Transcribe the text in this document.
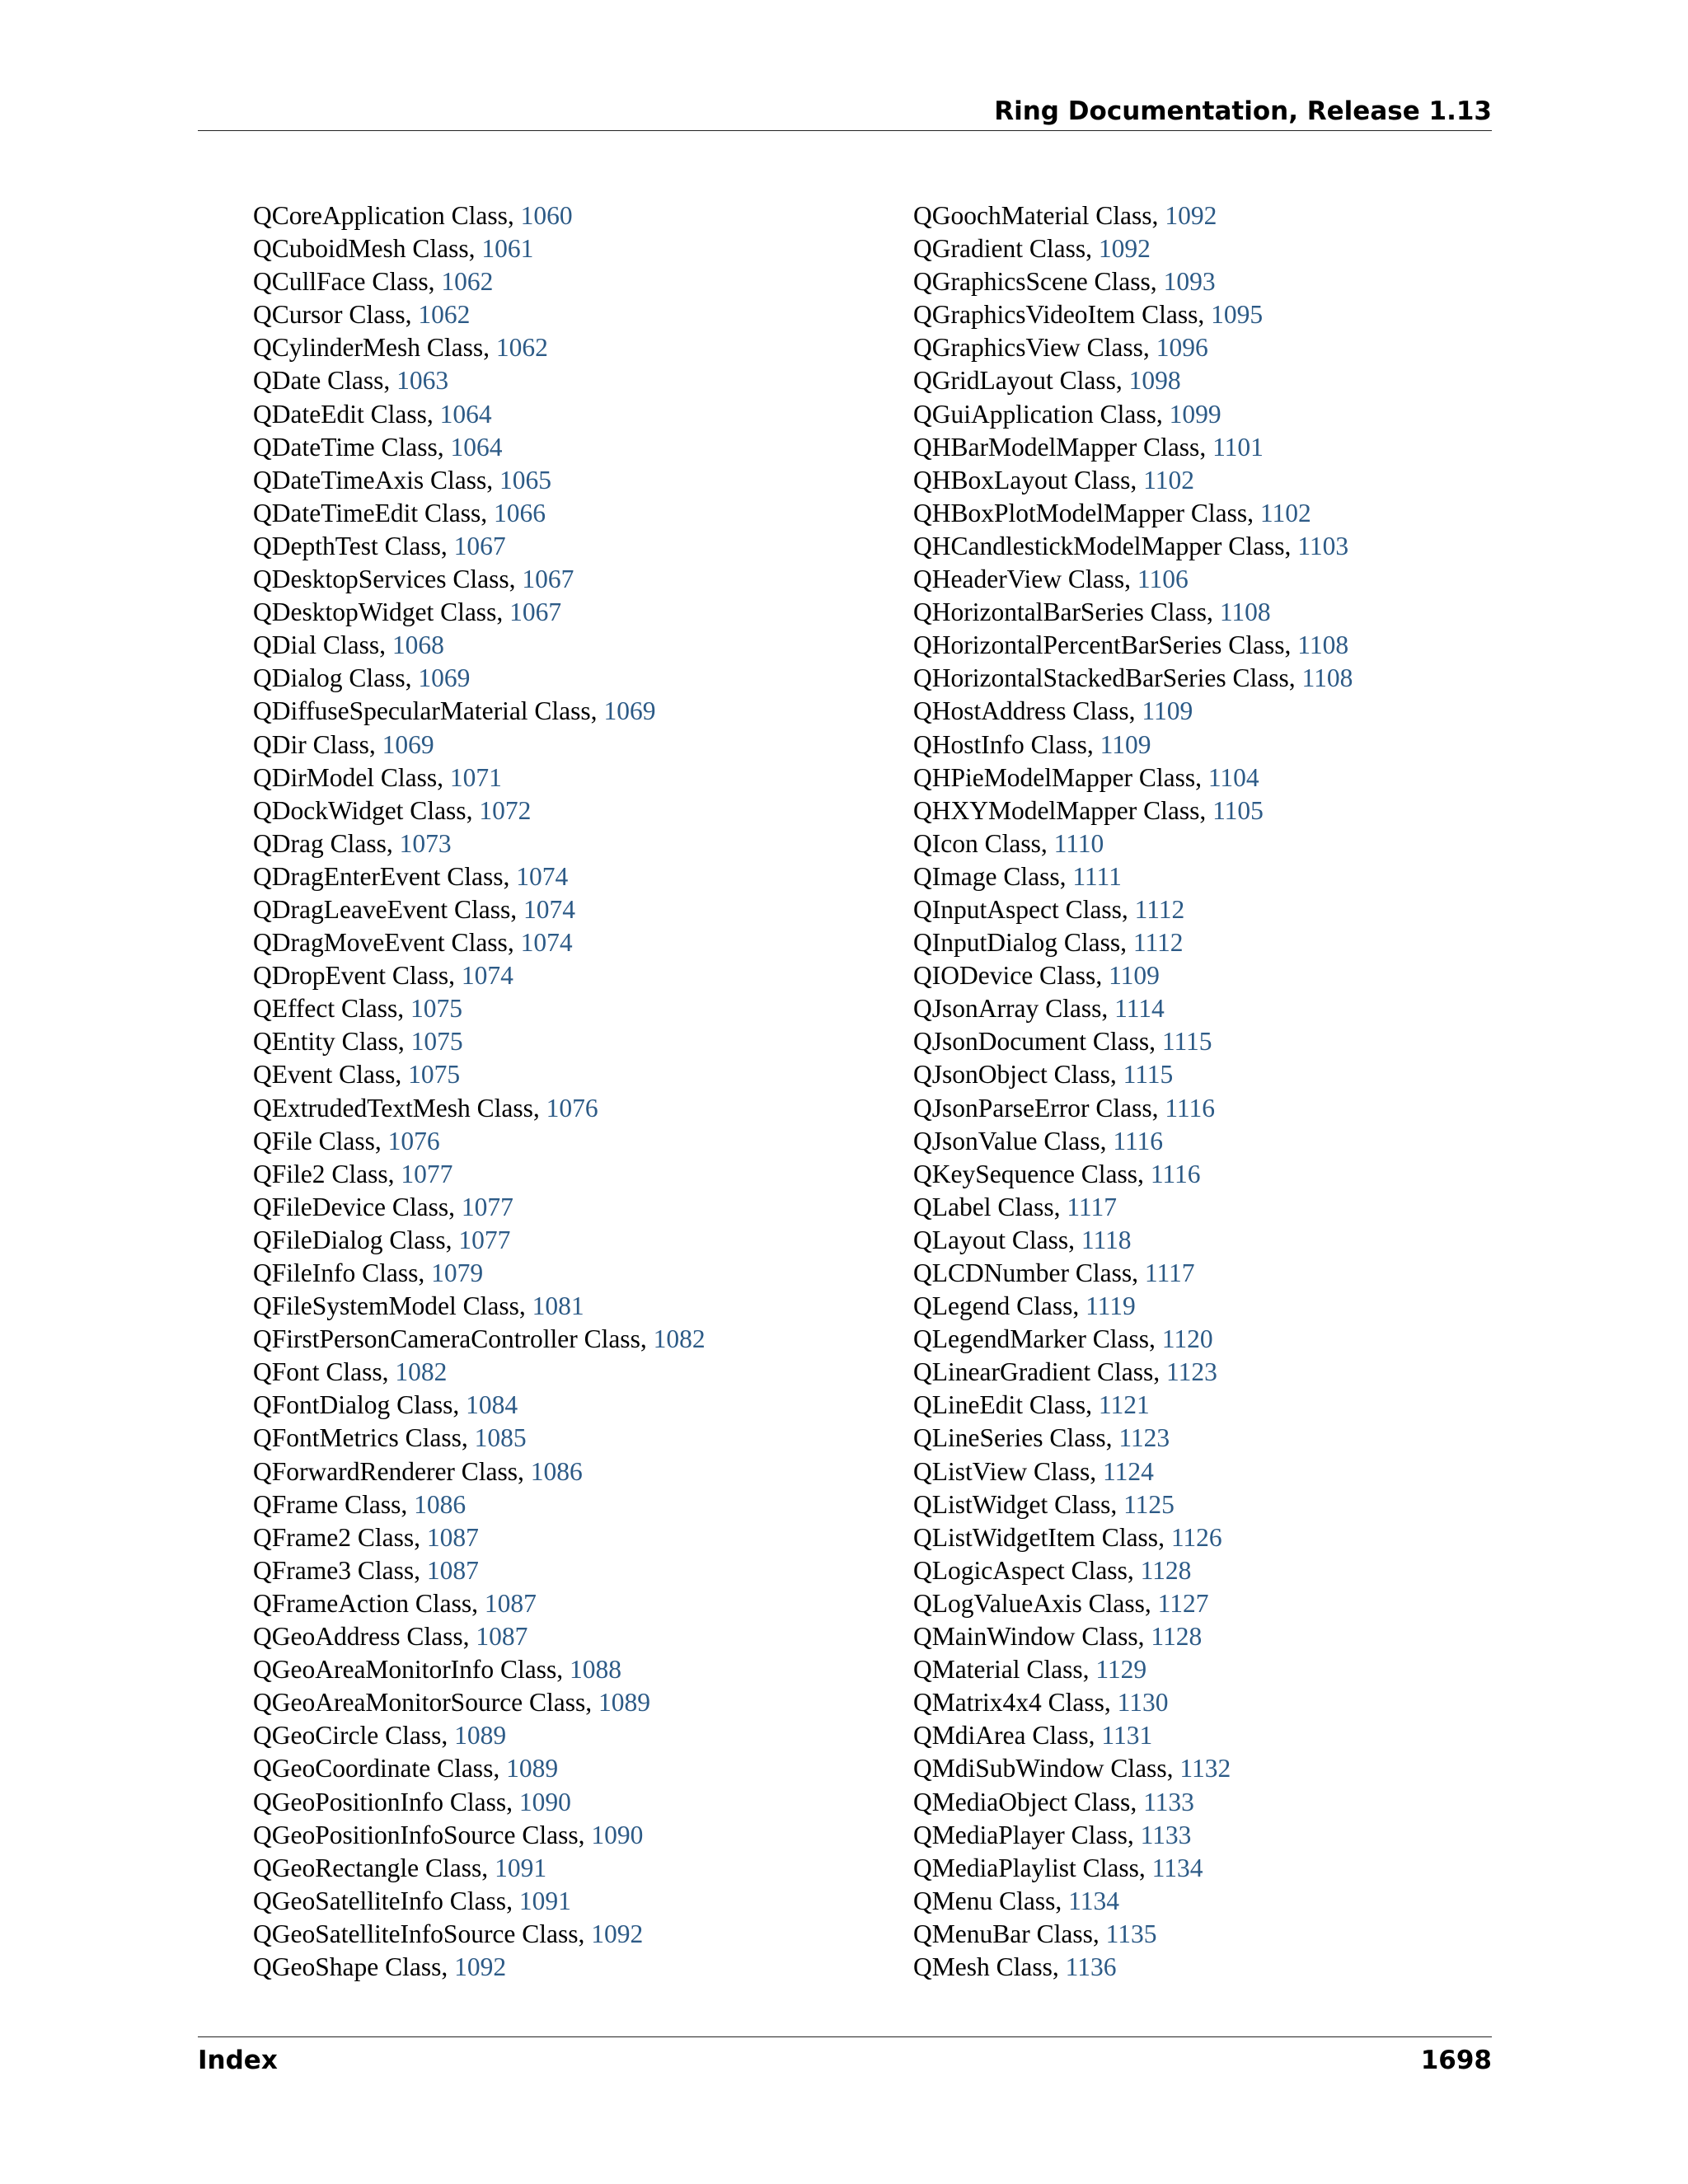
Ring Documentation, Release 1.13
QCoreApplication Class, 1060
QCuboidMesh Class, 1061
QCullFace Class, 1062
QCursor Class, 1062
QCylinderMesh Class, 1062
QDate Class, 1063
QDateEdit Class, 1064
QDateTime Class, 1064
QDateTimeAxis Class, 1065
QDateTimeEdit Class, 1066
QDepthTest Class, 1067
QDesktopServices Class, 1067
QDesktopWidget Class, 1067
QDial Class, 1068
QDialog Class, 1069
QDiffuseSpecularMaterial Class, 1069
QDir Class, 1069
QDirModel Class, 1071
QDockWidget Class, 1072
QDrag Class, 1073
QDragEnterEvent Class, 1074
QDragLeaveEvent Class, 1074
QDragMoveEvent Class, 1074
QDropEvent Class, 1074
QEffect Class, 1075
QEntity Class, 1075
QEvent Class, 1075
QExtrudedTextMesh Class, 1076
QFile Class, 1076
QFile2 Class, 1077
QFileDevice Class, 1077
QFileDialog Class, 1077
QFileInfo Class, 1079
QFileSystemModel Class, 1081
QFirstPersonCameraController Class, 1082
QFont Class, 1082
QFontDialog Class, 1084
QFontMetrics Class, 1085
QForwardRenderer Class, 1086
QFrame Class, 1086
QFrame2 Class, 1087
QFrame3 Class, 1087
QFrameAction Class, 1087
QGeoAddress Class, 1087
QGeoAreaMonitorInfo Class, 1088
QGeoAreaMonitorSource Class, 1089
QGeoCircle Class, 1089
QGeoCoordinate Class, 1089
QGeoPositionInfo Class, 1090
QGeoPositionInfoSource Class, 1090
QGeoRectangle Class, 1091
QGeoSatelliteInfo Class, 1091
QGeoSatelliteInfoSource Class, 1092
QGeoShape Class, 1092
QGoochMaterial Class, 1092
QGradient Class, 1092
QGraphicsScene Class, 1093
QGraphicsVideoItem Class, 1095
QGraphicsView Class, 1096
QGridLayout Class, 1098
QGuiApplication Class, 1099
QHBarModelMapper Class, 1101
QHBoxLayout Class, 1102
QHBoxPlotModelMapper Class, 1102
QHCandlestickModelMapper Class, 1103
QHeaderView Class, 1106
QHorizontalBarSeries Class, 1108
QHorizontalPercentBarSeries Class, 1108
QHorizontalStackedBarSeries Class, 1108
QHostAddress Class, 1109
QHostInfo Class, 1109
QHPieModelMapper Class, 1104
QHXYModelMapper Class, 1105
QIcon Class, 1110
QImage Class, 1111
QInputAspect Class, 1112
QInputDialog Class, 1112
QIODevice Class, 1109
QJsonArray Class, 1114
QJsonDocument Class, 1115
QJsonObject Class, 1115
QJsonParseError Class, 1116
QJsonValue Class, 1116
QKeySequence Class, 1116
QLabel Class, 1117
QLayout Class, 1118
QLCDNumber Class, 1117
QLegend Class, 1119
QLegendMarker Class, 1120
QLinearGradient Class, 1123
QLineEdit Class, 1121
QLineSeries Class, 1123
QListView Class, 1124
QListWidget Class, 1125
QListWidgetItem Class, 1126
QLogicAspect Class, 1128
QLogValueAxis Class, 1127
QMainWindow Class, 1128
QMaterial Class, 1129
QMatrix4x4 Class, 1130
QMdiArea Class, 1131
QMdiSubWindow Class, 1132
QMediaObject Class, 1133
QMediaPlayer Class, 1133
QMediaPlaylist Class, 1134
QMenu Class, 1134
QMenuBar Class, 1135
QMesh Class, 1136
Index	1698
